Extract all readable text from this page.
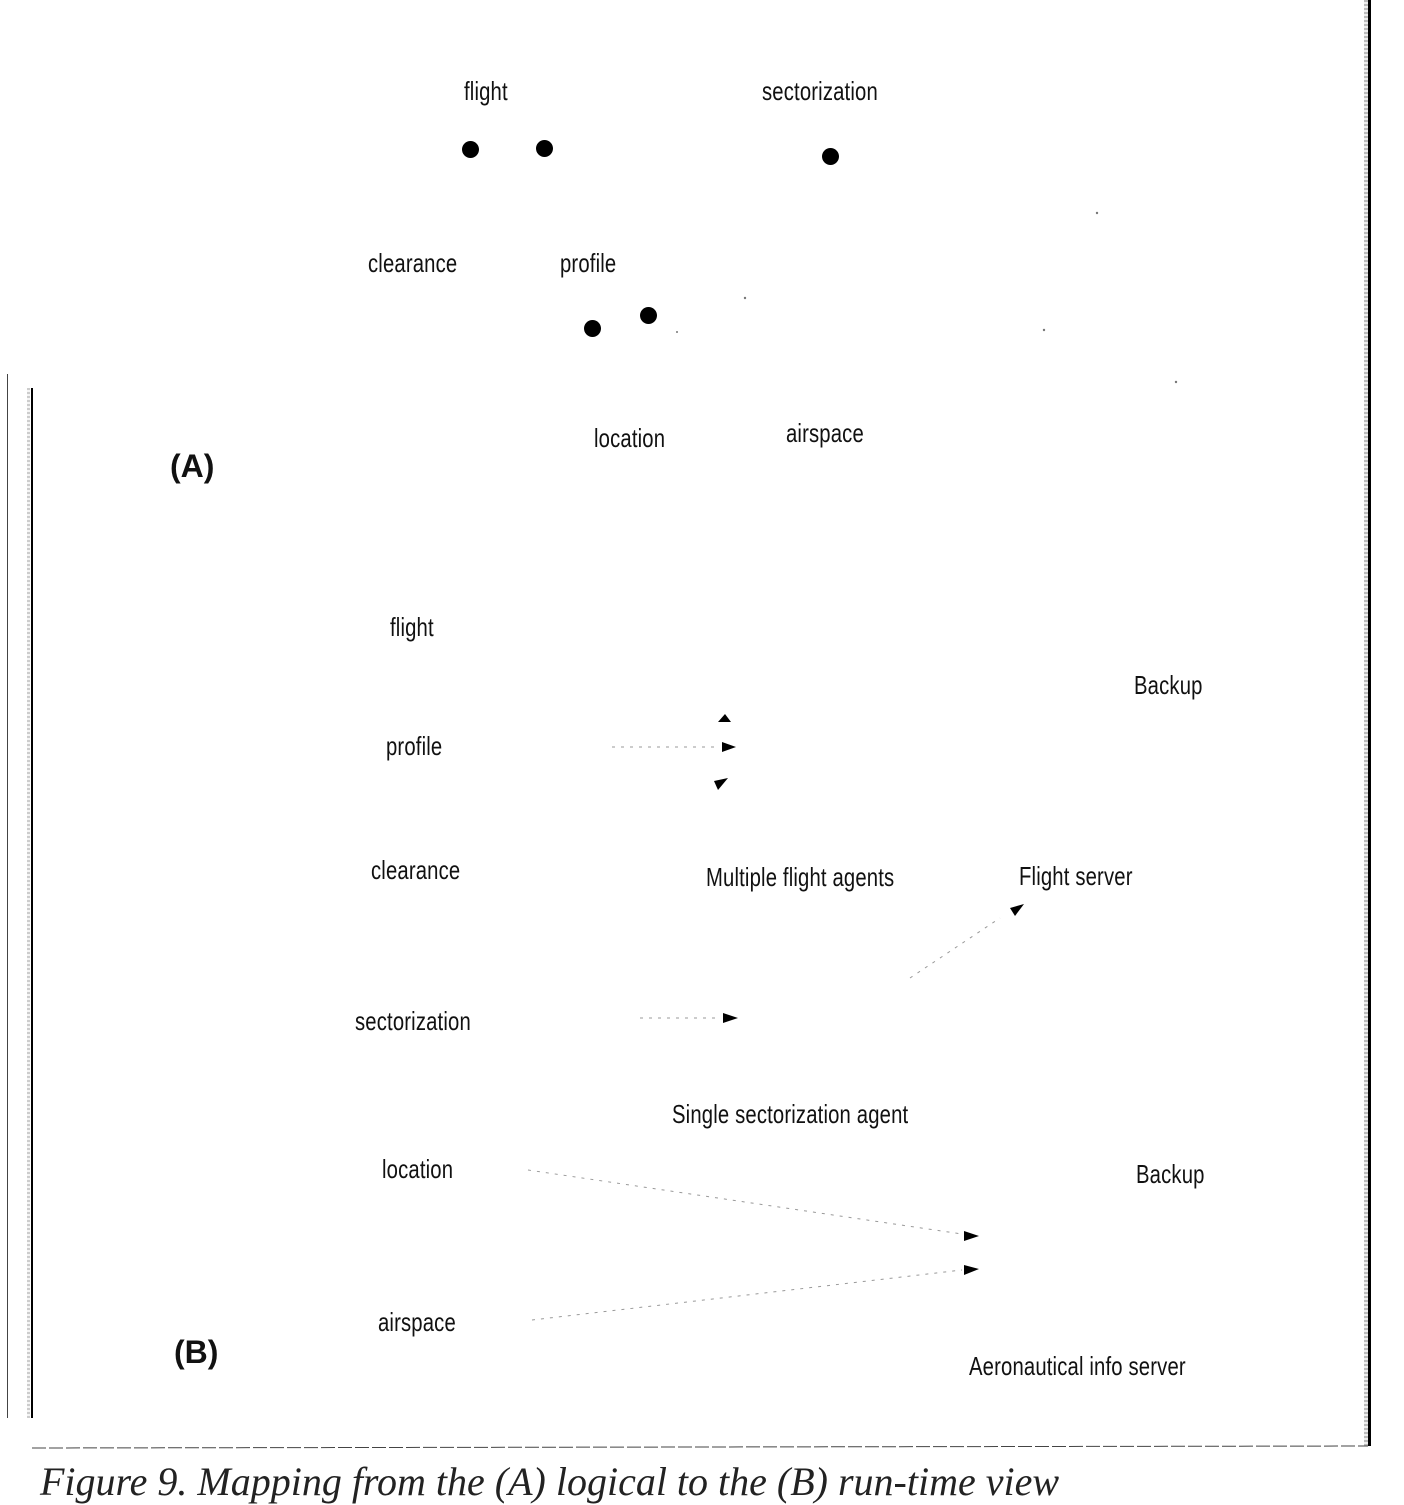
flight	sectorization
clearance	profile
location	airspace
(A)
flight
profile
clearance
sectorization
location
airspace
Backup
Multiple flight agents	Flight server
Single sectorization agent
Backup
Aeronautical info server
(B)
Figure 9. Mapping from the (A) logical to the (B) run-time view
